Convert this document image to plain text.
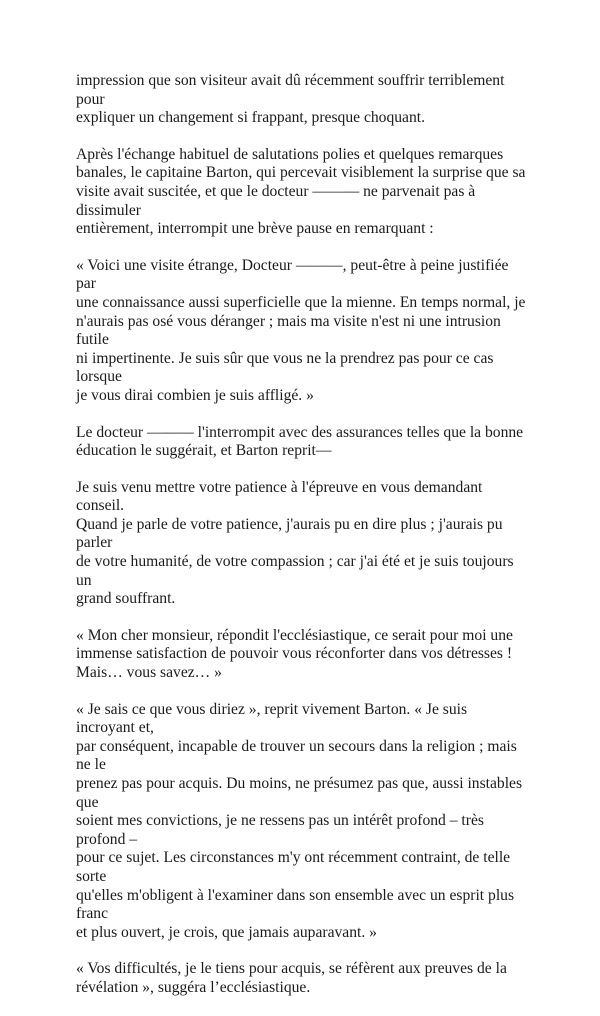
impression que son visiteur avait dû récemment souffrir terriblement pour
expliquer un changement si frappant, presque choquant.

Après l'échange habituel de salutations polies et quelques remarques
banales, le capitaine Barton, qui percevait visiblement la surprise que sa
visite avait suscitée, et que le docteur ——— ne parvenait pas à dissimuler
entièrement, interrompit une brève pause en remarquant :

« Voici une visite étrange, Docteur ———, peut-être à peine justifiée par
une connaissance aussi superficielle que la mienne. En temps normal, je
n'aurais pas osé vous déranger ; mais ma visite n'est ni une intrusion futile
ni impertinente. Je suis sûr que vous ne la prendrez pas pour ce cas lorsque
je vous dirai combien je suis affligé. »

Le docteur ——— l'interrompit avec des assurances telles que la bonne
éducation le suggérait, et Barton reprit—

Je suis venu mettre votre patience à l'épreuve en vous demandant conseil.
Quand je parle de votre patience, j'aurais pu en dire plus ; j'aurais pu parler
de votre humanité, de votre compassion ; car j'ai été et je suis toujours un
grand souffrant.

« Mon cher monsieur, répondit l'ecclésiastique, ce serait pour moi une
immense satisfaction de pouvoir vous réconforter dans vos détresses !
Mais… vous savez… »

« Je sais ce que vous diriez », reprit vivement Barton. « Je suis incroyant et,
par conséquent, incapable de trouver un secours dans la religion ; mais ne le
prenez pas pour acquis. Du moins, ne présumez pas que, aussi instables que
soient mes convictions, je ne ressens pas un intérêt profond – très profond –
pour ce sujet. Les circonstances m'y ont récemment contraint, de telle sorte
qu'elles m'obligent à l'examiner dans son ensemble avec un esprit plus franc
et plus ouvert, je crois, que jamais auparavant. »

« Vos difficultés, je le tiens pour acquis, se réfèrent aux preuves de la
révélation », suggéra l’ecclésiastique.
